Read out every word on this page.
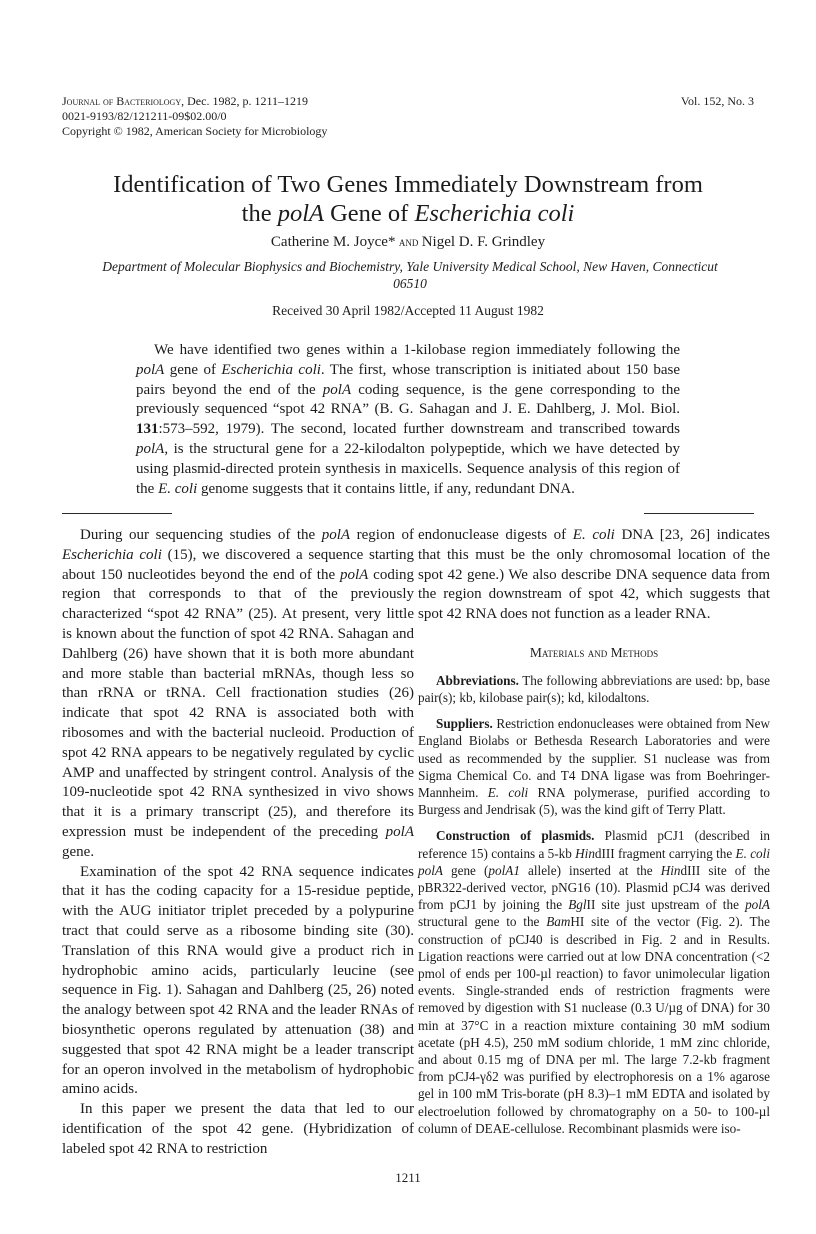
Journal of Bacteriology, Dec. 1982, p. 1211–1219
0021-9193/82/121211-09$02.00/0
Copyright © 1982, American Society for Microbiology
Vol. 152, No. 3
Identification of Two Genes Immediately Downstream from
the polA Gene of Escherichia coli
Catherine M. Joyce* and Nigel D. F. Grindley
Department of Molecular Biophysics and Biochemistry, Yale University Medical School, New Haven, Connecticut 06510
Received 30 April 1982/Accepted 11 August 1982
We have identified two genes within a 1-kilobase region immediately following the polA gene of Escherichia coli. The first, whose transcription is initiated about 150 base pairs beyond the end of the polA coding sequence, is the gene corresponding to the previously sequenced “spot 42 RNA” (B. G. Sahagan and J. E. Dahlberg, J. Mol. Biol. 131:573–592, 1979). The second, located further downstream and transcribed towards polA, is the structural gene for a 22-kilodalton polypeptide, which we have detected by using plasmid-directed protein synthesis in maxicells. Sequence analysis of this region of the E. coli genome suggests that it contains little, if any, redundant DNA.

During our sequencing studies of the polA region of Escherichia coli (15), we discovered a sequence starting about 150 nucleotides beyond the end of the polA coding region that corresponds to that of the previously characterized “spot 42 RNA” (25). At present, very little is known about the function of spot 42 RNA. Sahagan and Dahlberg (26) have shown that it is both more abundant and more stable than bacterial mRNAs, though less so than rRNA or tRNA. Cell fractionation studies (26) indicate that spot 42 RNA is associated both with ribosomes and with the bacterial nucleoid. Production of spot 42 RNA appears to be negatively regulated by cyclic AMP and unaffected by stringent control. Analysis of the 109-nucleotide spot 42 RNA synthesized in vivo shows that it is a primary transcript (25), and therefore its expression must be independent of the preceding polA gene.

Examination of the spot 42 RNA sequence indicates that it has the coding capacity for a 15-residue peptide, with the AUG initiator triplet preceded by a polypurine tract that could serve as a ribosome binding site (30). Translation of this RNA would give a product rich in hydrophobic amino acids, particularly leucine (see sequence in Fig. 1). Sahagan and Dahlberg (25, 26) noted the analogy between spot 42 RNA and the leader RNAs of biosynthetic operons regulated by attenuation (38) and suggested that spot 42 RNA might be a leader transcript for an operon involved in the metabolism of hydrophobic amino acids.

In this paper we present the data that led to our identification of the spot 42 gene. (Hybridization of labeled spot 42 RNA to restriction

endonuclease digests of E. coli DNA [23, 26] indicates that this must be the only chromosomal location of the spot 42 gene.) We also describe DNA sequence data from the region downstream of spot 42, which suggests that spot 42 RNA does not function as a leader RNA.

Materials and Methods

Abbreviations. The following abbreviations are used: bp, base pair(s); kb, kilobase pair(s); kd, kilodaltons.

Suppliers. Restriction endonucleases were obtained from New England Biolabs or Bethesda Research Laboratories and were used as recommended by the supplier. S1 nuclease was from Sigma Chemical Co. and T4 DNA ligase was from Boehringer-Mannheim. E. coli RNA polymerase, purified according to Burgess and Jendrisak (5), was the kind gift of Terry Platt.

Construction of plasmids. Plasmid pCJ1 (described in reference 15) contains a 5-kb HindIII fragment carrying the E. coli polA gene (polA1 allele) inserted at the HindIII site of the pBR322-derived vector, pNG16 (10). Plasmid pCJ4 was derived from pCJ1 by joining the BglII site just upstream of the polA structural gene to the BamHI site of the vector (Fig. 2). The construction of pCJ40 is described in Fig. 2 and in Results. Ligation reactions were carried out at low DNA concentration (<2 pmol of ends per 100-µl reaction) to favor unimolecular ligation events. Single-stranded ends of restriction fragments were removed by digestion with S1 nuclease (0.3 U/µg of DNA) for 30 min at 37°C in a reaction mixture containing 30 mM sodium acetate (pH 4.5), 250 mM sodium chloride, 1 mM zinc chloride, and about 0.15 mg of DNA per ml. The large 7.2-kb fragment from pCJ4-γδ2 was purified by electrophoresis on a 1% agarose gel in 100 mM Tris-borate (pH 8.3)–1 mM EDTA and isolated by electroelution followed by chromatography on a 50- to 100-µl column of DEAE-cellulose. Recombinant plasmids were iso-

1211
